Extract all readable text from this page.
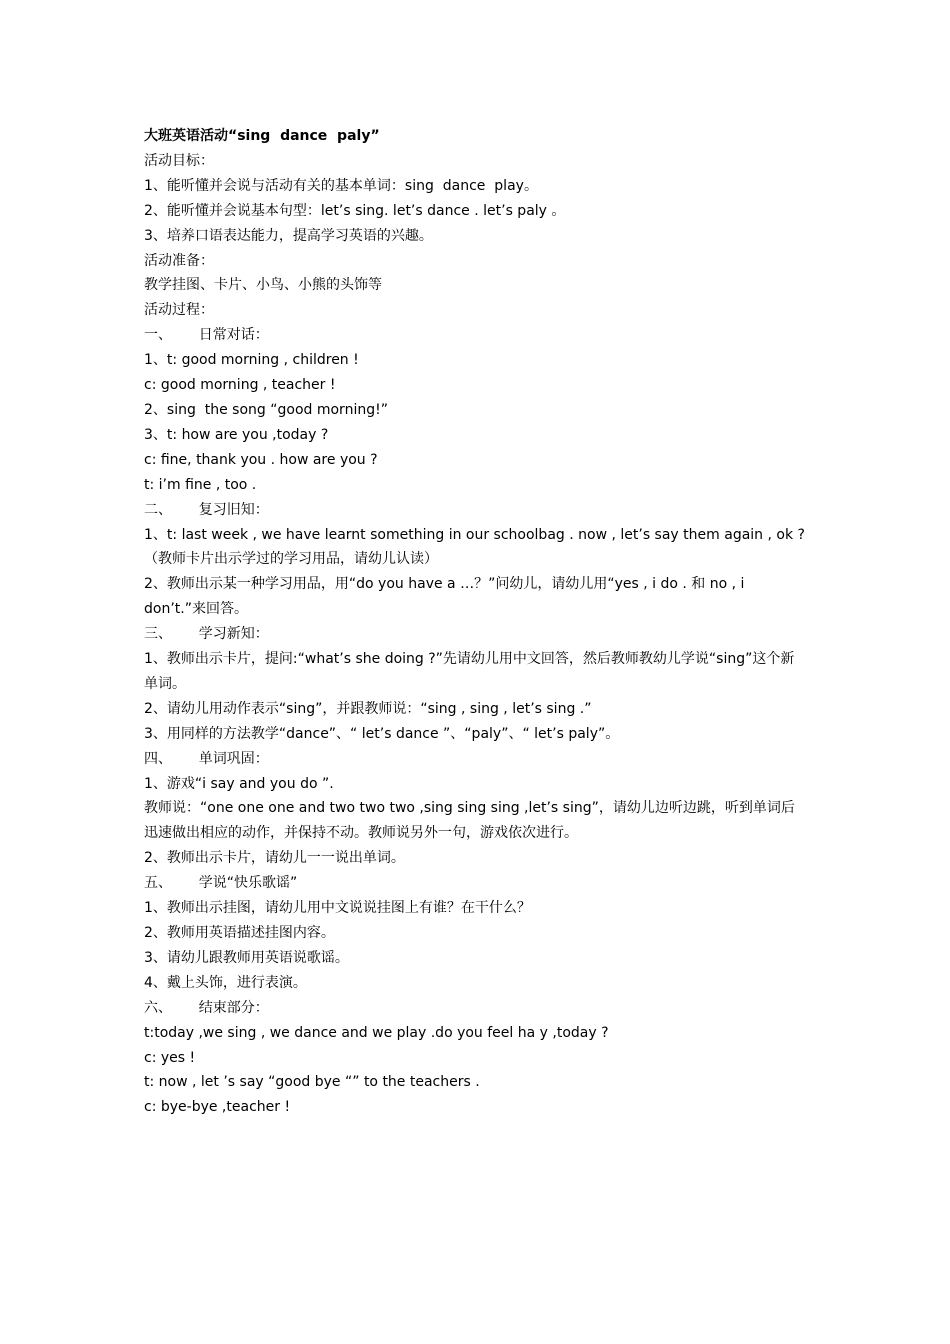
大班英语活动“sing  dance  paly”

活动目标：

1、能听懂并会说与活动有关的基本单词：sing  dance  play。

2、能听懂并会说基本句型：let’s sing. let’s dance . let’s paly 。

3、培养口语表达能力，提高学习英语的兴趣。

活动准备：

教学挂图、卡片、小鸟、小熊的头饰等

活动过程：

一、      日常对话：

1、t: good morning , children !

c: good morning , teacher !

2、sing  the song “good morning!”

3、t: how are you ,today ?

c: fine, thank you . how are you ?

t: i’m fine , too .

二、      复习旧知：

1、t: last week , we have learnt something in our schoolbag . now , let’s say them again , ok ?

（教师卡片出示学过的学习用品，请幼儿认读）

2、教师出示某一种学习用品，用“do you have a …？”问幼儿，请幼儿用“yes , i do . 和 no , i don’t.”来回答。

三、      学习新知：

1、教师出示卡片，提问:“what’s she doing ?”先请幼儿用中文回答，然后教师教幼儿学说“sing”这个新单词。

2、请幼儿用动作表示“sing”，并跟教师说：“sing , sing , let’s sing .”

3、用同样的方法教学“dance”、“ let’s dance ”、“paly”、“ let’s paly”。

四、      单词巩固：

1、游戏“i say and you do ”.

教师说：“one one one and two two two ,sing sing sing ,let’s sing”，请幼儿边听边跳，听到单词后迅速做出相应的动作，并保持不动。教师说另外一句，游戏依次进行。

2、教师出示卡片，请幼儿一一说出单词。

五、      学说“快乐歌谣”

1、教师出示挂图，请幼儿用中文说说挂图上有谁？在干什么？

2、教师用英语描述挂图内容。

3、请幼儿跟教师用英语说歌谣。

4、戴上头饰，进行表演。

六、      结束部分：

t:today ,we sing , we dance and we play .do you feel ha y ,today ?

c: yes !

t: now , let ’s say “good bye “” to the teachers .

c: bye-bye ,teacher !
